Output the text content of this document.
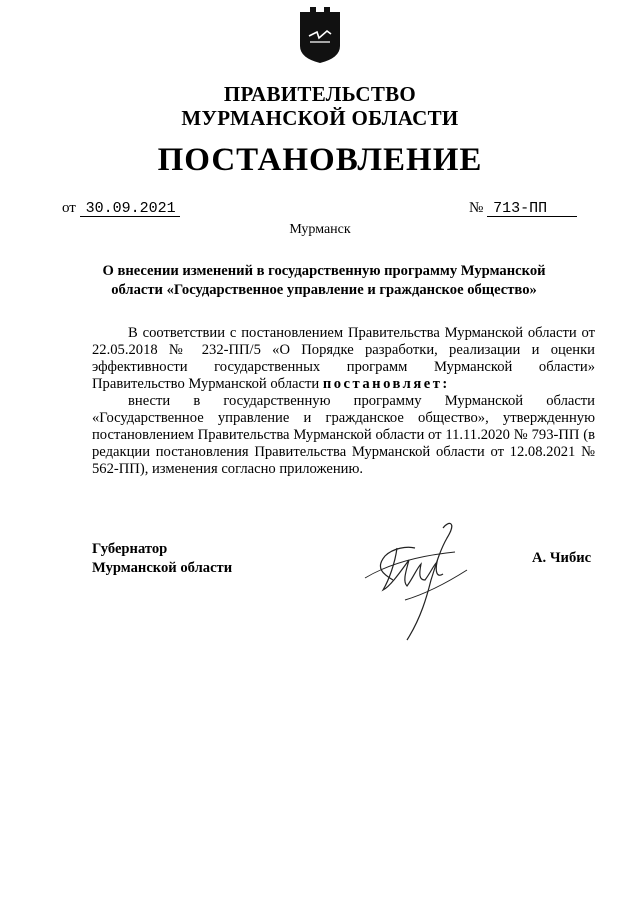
ПРАВИТЕЛЬСТВО
МУРМАНСКОЙ ОБЛАСТИ
ПОСТАНОВЛЕНИЕ
от 30.09.2021	№ 713-ПП
Мурманск
О внесении изменений в государственную программу Мурманской
области «Государственное управление и гражданское общество»

В соответствии с постановлением Правительства Мурманской области от 22.05.2018 № 232-ПП/5 «О Порядке разработки, реализации и оценки эффективности государственных программ Мурманской области» Правительство Мурманской области постановляет:

внести в государственную программу Мурманской области «Государственное управление и гражданское общество», утвержденную постановлением Правительства Мурманской области от 11.11.2020 № 793-ПП (в редакции постановления Правительства Мурманской области от 12.08.2021 № 562-ПП), изменения согласно приложению.

Губернатор
Мурманской области
А. Чибис
